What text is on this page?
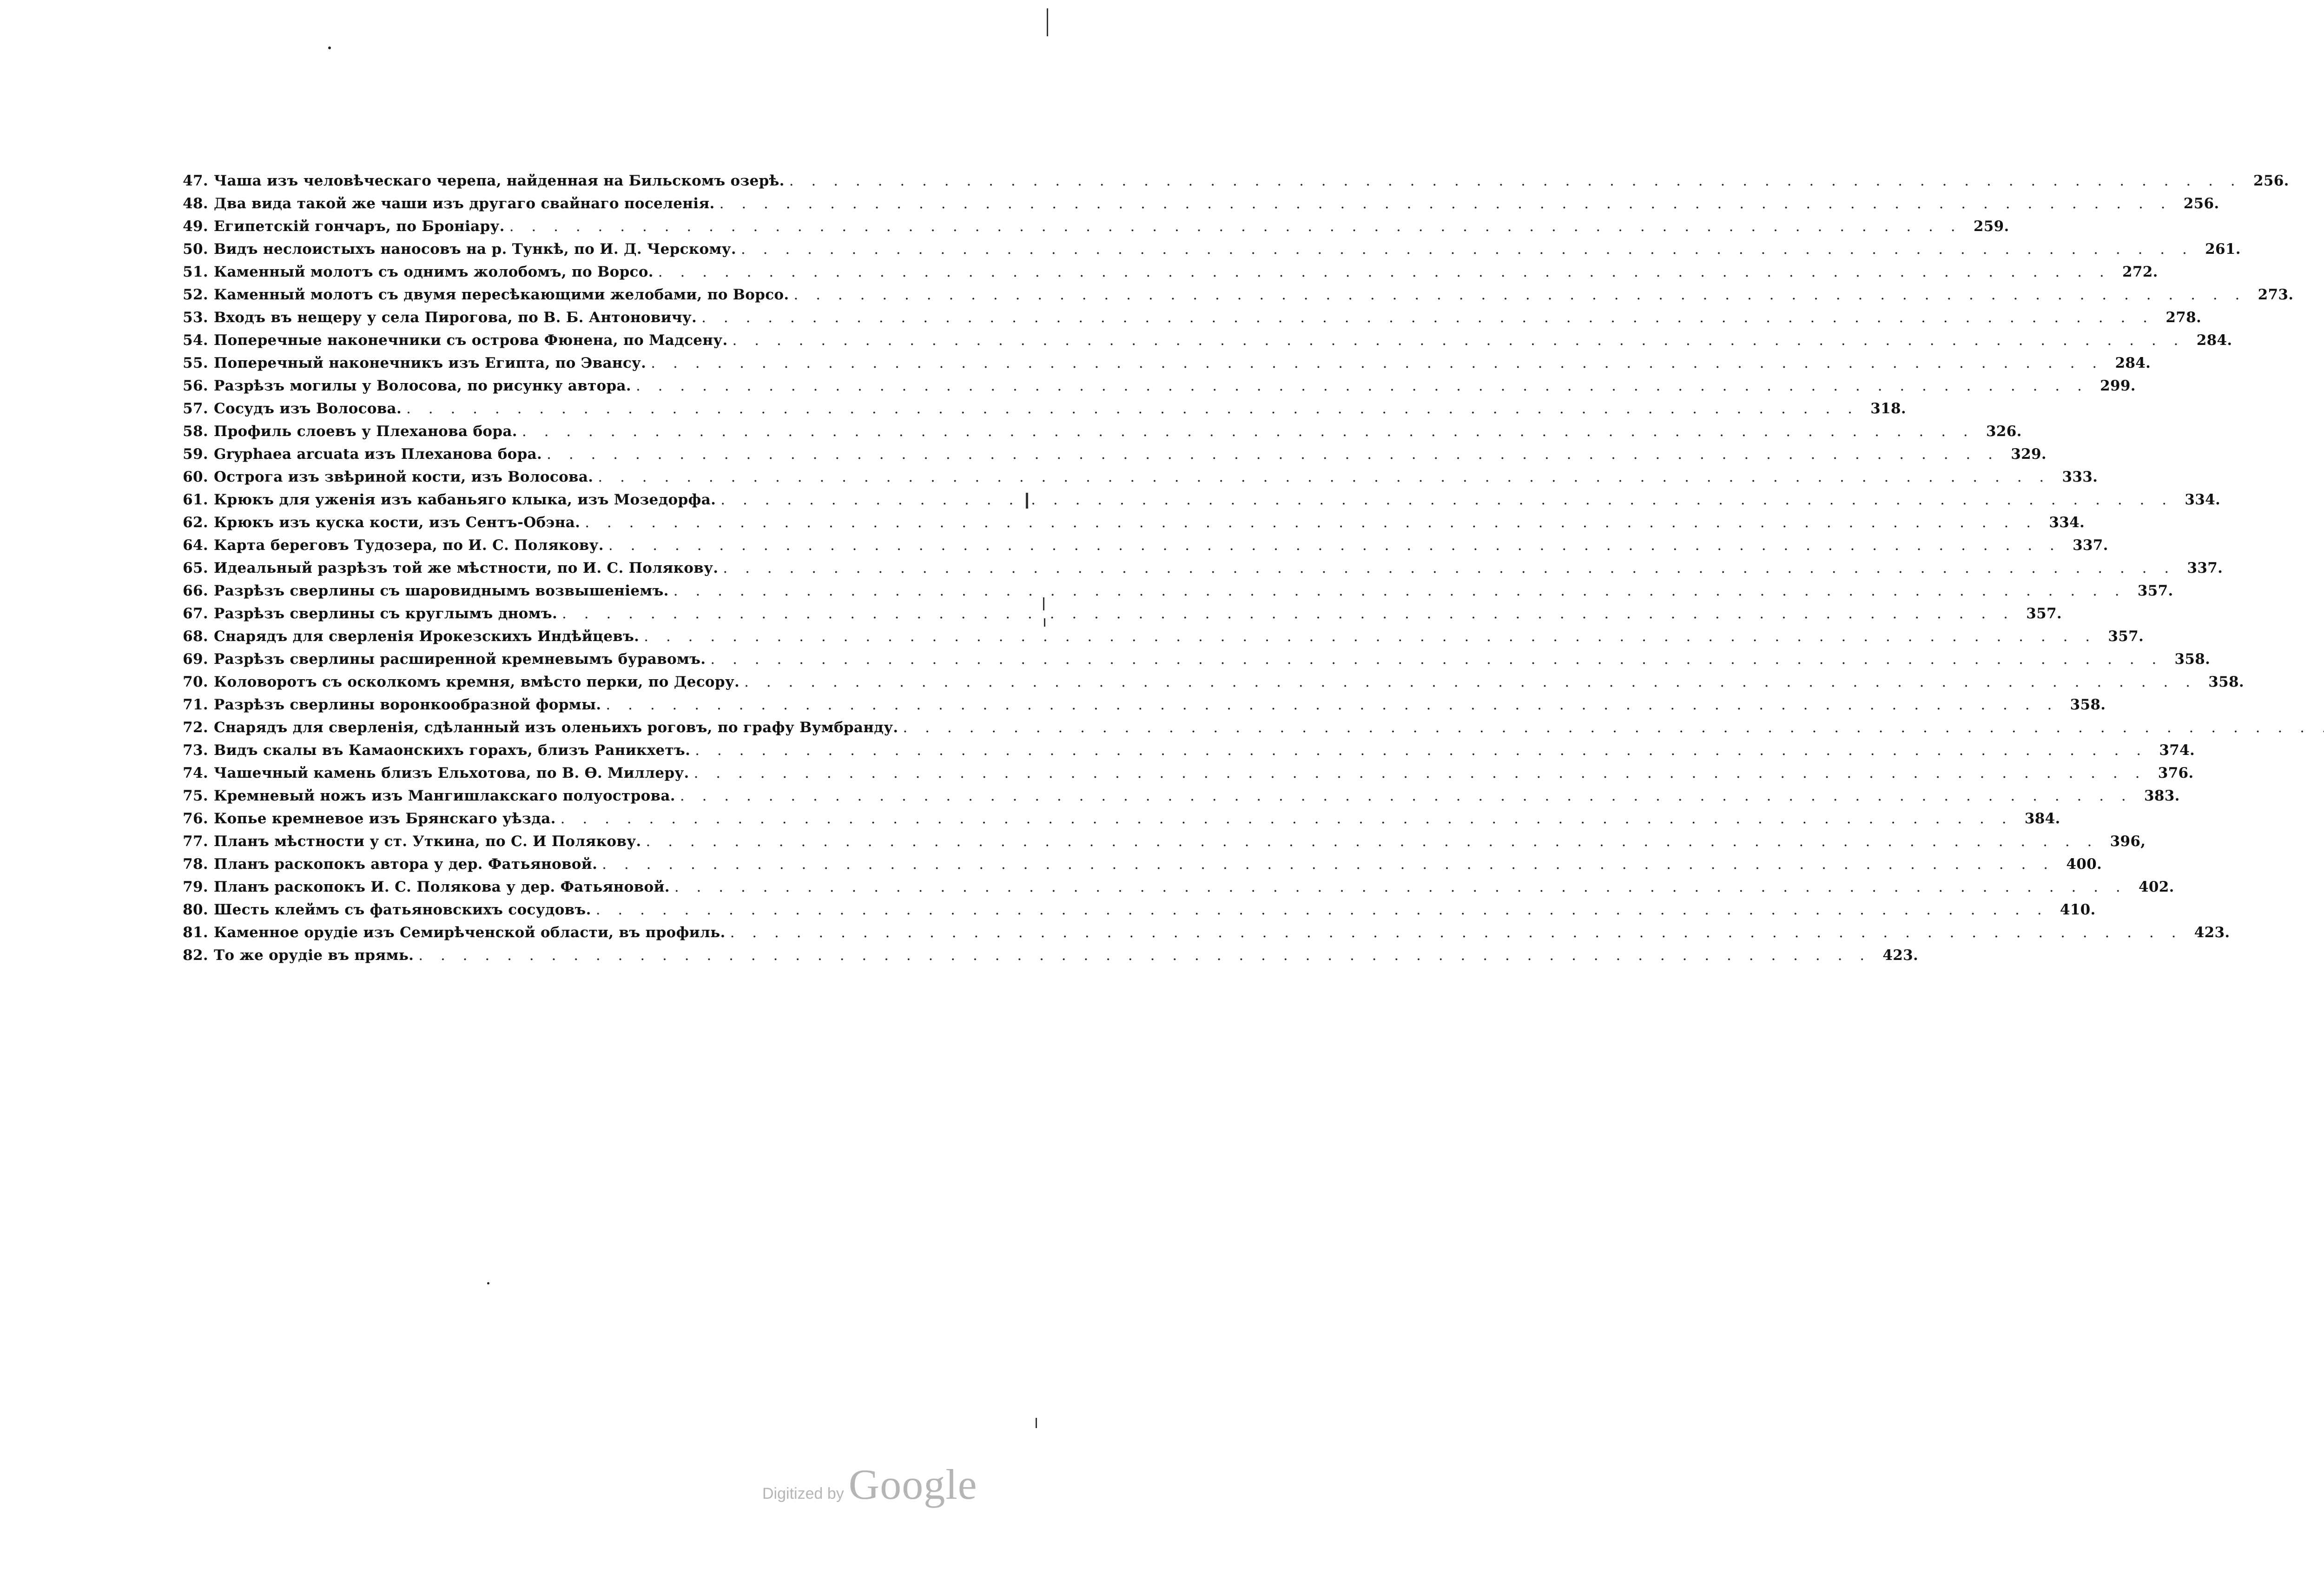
47. Чаша изъ человѣческаго черепа, найденная на Бильскомъ озерѣ. . . .	256.
48. Два вида такой же чаши изъ другаго свайнаго поселенія. . . .	256.
49. Египетскій гончаръ, по Броніару. . . .	259.
50. Видъ неслоистыхъ наносовъ на р. Тункѣ, по И. Д. Черскому. . . .	261.
51. Каменный молотъ съ однимъ жолобомъ, по Ворсо. . . .	272.
52. Каменный молотъ съ двумя пересѣкающими желобами, по Ворсо. . . .	273.
53. Входъ въ нещеру у села Пирогова, по В. Б. Антоновичу. . . .	278.
54. Поперечные наконечники съ острова Фюнена, по Мадсену. . . .	284.
55. Поперечный наконечникъ изъ Египта, по Эвансу. . . .	284.
56. Разрѣзъ могилы у Волосова, по рисунку автора. . . .	299.
57. Сосудъ изъ Волосова. . . .	318.
58. Профиль слоевъ у Плеханова бора. . . .	326.
59. Gryphaea arcuata изъ Плеханова бора. . . .	329.
60. Острога изъ звѣриной кости, изъ Волосова. . . .	333.
61. Крюкъ для уженія изъ кабаньяго клыка, изъ Мозедорфа. . . .	334.
62. Крюкъ изъ куска кости, изъ Сентъ-Обэна. . . .	334.
64. Карта береговъ Тудозера, по И. С. Полякову. . . .	337.
65. Идеальный разрѣзъ той же мѣстности, по И. С. Полякову. . . .	337.
66. Разрѣзъ сверлины съ шаровиднымъ возвышеніемъ. . . .	357.
67. Разрѣзъ сверлины съ круглымъ дномъ. . . .	357.
68. Снарядъ для сверленія Ирокезскихъ Индѣйцевъ. . . .	357.
69. Разрѣзъ сверлины расширенной кремневымъ буравомъ. . . .	358.
70. Коловоротъ съ осколкомъ кремня, вмѣсто перки, по Десору. . . .	358.
71. Разрѣзъ сверлины воронкообразной формы. . . .	358.
72. Снарядъ для сверленія, сдѣланный изъ оленьихъ роговъ, по графу Вумбранду.
. . .
73. Видъ скалы въ Камаонскихъ горахъ, близъ Раникхетъ. . . .	374.
74. Чашечный камень близъ Ельхотова, по В. Ѳ. Миллеру. . . .	376.
75. Кремневый ножъ изъ Мангишлакскаго полуострова. . . .	383.
76. Копье кремневое изъ Брянскаго уѣзда. . . .	384.
77. Планъ мѣстности у ст. Уткина, по С. И Полякову. . . .	396,
78. Планъ раскопокъ автора у дер. Фатьяновой. . . .	400.
79. Планъ раскопокъ И. С. Полякова у дер. Фатьяновой. . . .	402.
80. Шесть клеймъ съ фатьяновскихъ сосудовъ. . . .	410.
81. Каменное орудіе изъ Семирѣченской области, въ профиль. . . .	423.
82. То же орудіе въ прямь. . . .	423.
Digitized by Google
